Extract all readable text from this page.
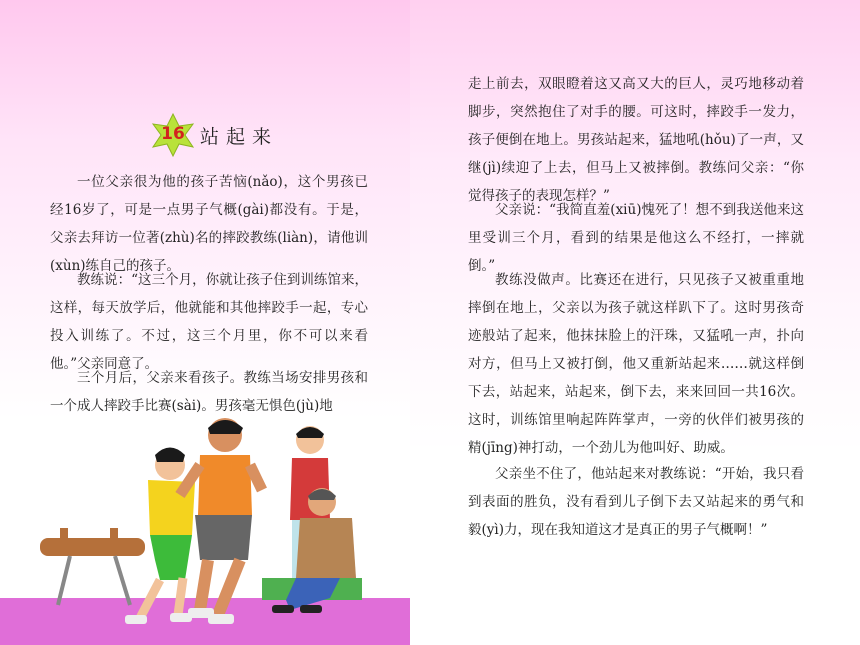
16 站起来

一位父亲很为他的孩子苦恼(nǎo)，这个男孩已经16岁了，可是一点男子气概(gài)都没有。于是，父亲去拜访一位著(zhù)名的摔跤教练(liàn)，请他训(xùn)练自己的孩子。

教练说：“这三个月，你就让孩子住到训练馆来，这样，每天放学后，他就能和其他摔跤手一起，专心投入训练了。不过，这三个月里，你不可以来看他。”父亲同意了。

三个月后，父亲来看孩子。教练当场安排男孩和一个成人摔跤手比赛(sài)。男孩毫无惧色(jù)地

走上前去，双眼瞪着这又高又大的巨人，灵巧地移动着脚步，突然抱住了对手的腰。可这时，摔跤手一发力，孩子便倒在地上。男孩站起来，猛地吼(hǒu)了一声，又继(jì)续迎了上去，但马上又被摔倒。教练问父亲：“你觉得孩子的表现怎样？”

父亲说：“我简直羞(xiū)愧死了！想不到我送他来这里受训三个月，看到的结果是他这么不经打，一摔就倒。”

教练没做声。比赛还在进行，只见孩子又被重重地摔倒在地上，父亲以为孩子就这样趴下了。这时男孩奇迹般站了起来，他抹抹脸上的汗珠，又猛吼一声，扑向对方，但马上又被打倒，他又重新站起来……就这样倒下去，站起来，站起来，倒下去，来来回回一共16次。这时，训练馆里响起阵阵掌声，一旁的伙伴们被男孩的精(jīng)神打动，一个劲儿为他叫好、助威。

父亲坐不住了，他站起来对教练说：“开始，我只看到表面的胜负，没有看到儿子倒下去又站起来的勇气和毅(yì)力，现在我知道这才是真正的男子气概啊！”
